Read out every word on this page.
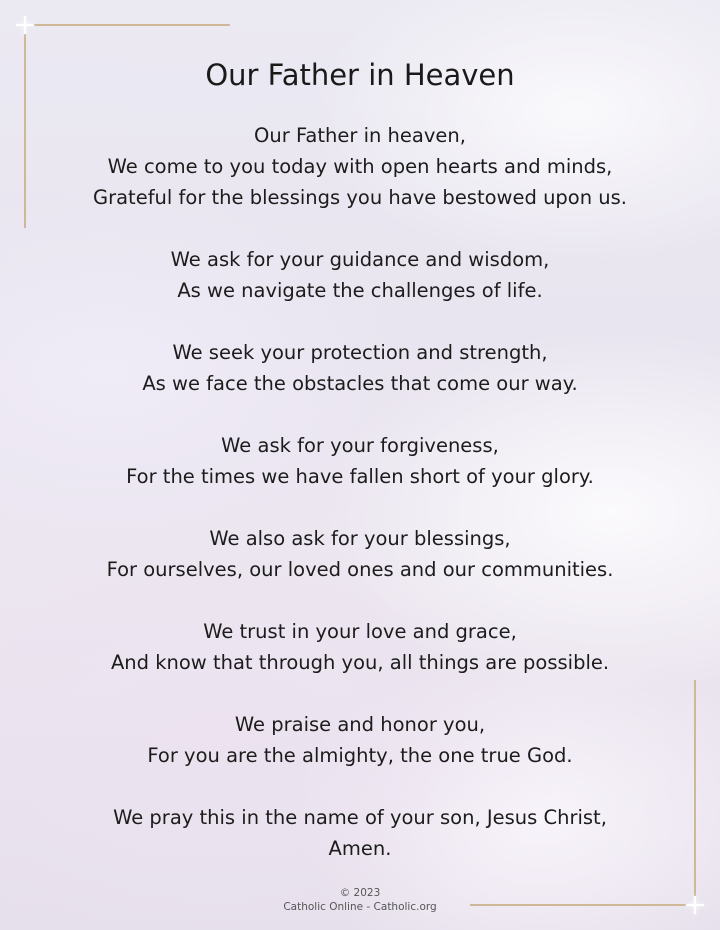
Our Father in Heaven
Our Father in heaven,
We come to you today with open hearts and minds,
Grateful for the blessings you have bestowed upon us.
We ask for your guidance and wisdom,
As we navigate the challenges of life.
We seek your protection and strength,
As we face the obstacles that come our way.
We ask for your forgiveness,
For the times we have fallen short of your glory.
We also ask for your blessings,
For ourselves, our loved ones and our communities.
We trust in your love and grace,
And know that through you, all things are possible.
We praise and honor you,
For you are the almighty, the one true God.
We pray this in the name of your son, Jesus Christ,
Amen.
© 2023
Catholic Online - Catholic.org
